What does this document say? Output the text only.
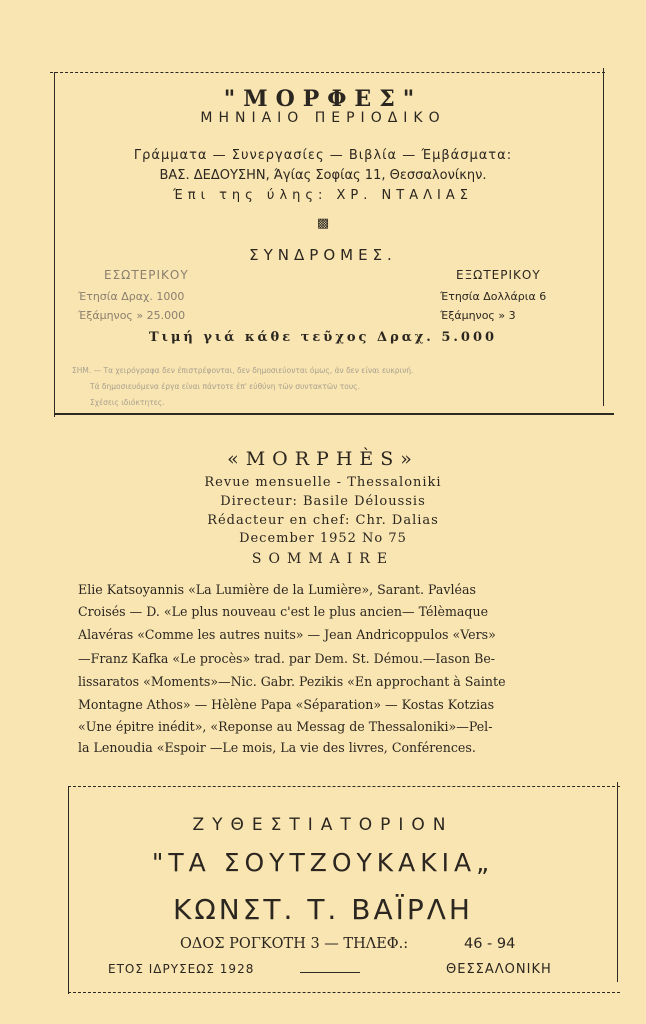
"ΜΟΡΦΕΣ"
ΜΗΝΙΑΙΟ ΠΕΡΙΟΔΙΚΟ
Γράμματα — Συνεργασίες — Βιβλία — Έμβάσματα:
ΒΑΣ. ΔΕΔΟΥΣΗΝ, Άγίας Σοφίας 11, Θεσσαλονίκην.
Έπι της ύλης: ΧΡ. ΝΤΑΛΙΑΣ
▩
ΣΥΝΔΡΟΜΕΣ.
ΕΣΩΤΕΡΙΚΟΥ
Έτησία Δραχ. 1000
Έξάμηνος » 25.000
ΕΞΩΤΕΡΙΚΟΥ
Έτησία Δολλάρια 6
Έξάμηνος » 3
Τιμή γιά κάθε τεῦχος Δραχ. 5.000
ΣΗΜ. — Τα χειρόγραφα δεν έπιστρέφονται, δεν δημοσιεύονται όμως, άν δεν είναι ευκρινή.
Τά δημοσιευόμενα έργα είναι πάντοτε έπ' εὐθύνη τῶν συντακτῶν τους.
Σχέσεις ιδιόκτητες.
«MORPHÈS»
Revue mensuelle - Thessaloniki
Directeur: Basile Déloussis
Rédacteur en chef: Chr. Dalias
December 1952 No 75
SOMMAIRE
Elie Katsoyannis «La Lumière de la Lumière», Sarant. Pavléas
Croisés — D. «Le plus nouveau c'est le plus ancien— Télèmaque
Alavéras «Comme les autres nuits» — Jean Andricoppulos «Vers»
—Franz Kafka «Le procès» trad. par Dem. St. Démou.—Iason Be-
lissaratos «Moments»—Nic. Gabr. Pezikis «En approchant à Sainte
Montagne Athos» — Hèlène Papa «Séparation» — Kostas Kotzias
«Une épitre inédit», «Reponse au Messag de Thessaloniki»—Pel-
la Lenoudia «Espoir —Le mois, La vie des livres, Conférences.
ΖΥΘΕΣΤΙΑΤΟΡΙΟΝ
"ΤΑ ΣΟΥΤΖΟΥΚΑΚΙΑ„
ΚΩΝΣΤ. Τ. ΒΑΪΡΛΗ
ΟΔΟΣ ΡΟΓΚΟΤΗ 3 — ΤΗΛΕΦ.:	46 - 94
ΕΤΟΣ ΙΔΡΥΣΕΩΣ 1928	ΘΕΣΣΑΛΟΝΙΚΗ
